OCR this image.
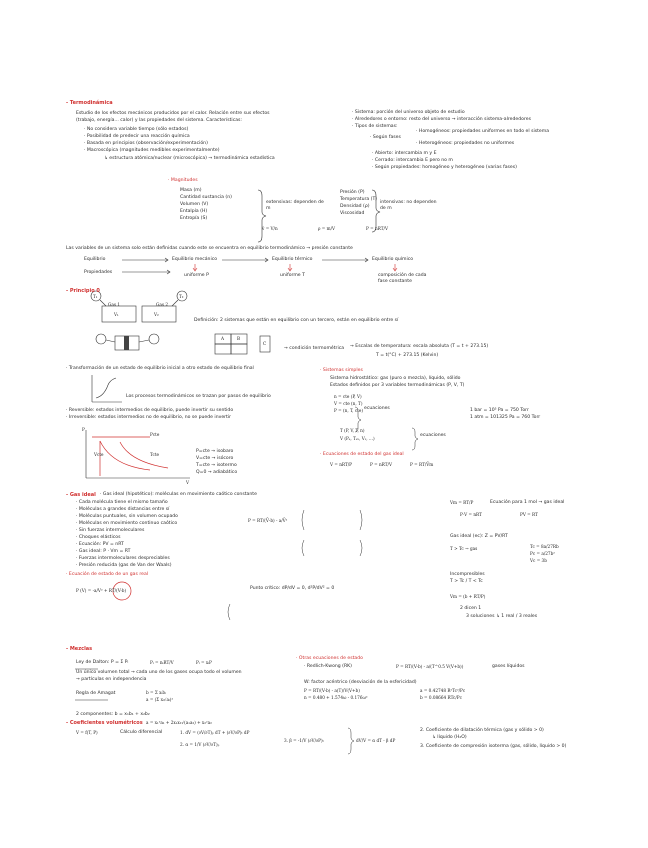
- Termodinámica
Estudio de los efectos mecánicos producidos por el calor. Relación entre sus efectos
(trabajo, energía... calor) y las propiedades del sistema. Características:
· No considera variable tiempo (sólo estados)
· Posibilidad de predecir una reacción química
· Basada en principios (observación/experimentación)
· Macroscópica (magnitudes medibles experimentalmente)
↳ estructura atómica/nuclear (microscópica) → termodinámica estadística
· Magnitudes
Masa (m)
Cantidad sustancia (n)
Volumen (V)
Entalpía (H)
Entropía (S)
extensivas: dependen de m
Presión (P)
Temperatura (T)
Densidad (ρ)
Viscosidad
intensivas: no dependen de m
ṽ = V/n	ρ = m/V	P = nRT/V
· Sistema: porción del universo objeto de estudio
· Alrededores o entorno: resto del universo → interacción sistema-alrededores
· Tipos de sistemas:
· Homogéneos: propiedades uniformes en todo el sistema
· Según fases
· Heterogéneos: propiedades no uniformes
· Abierto: intercambia m y E
· Cerrado: intercambia E pero no m
· Según propiedades: homogéneo y heterogéneo (varias fases)
Las variables de un sistema solo están definidas cuando este se encuentra en equilibrio termodinámico → presión constante
Equilibrio	Equilibrio mecánico	Equilibrio térmico	Equilibrio químico
Propiedades
uniforme P	uniforme T	composición de cada fase constante
- Principio 0
Gas 1	Gas 2
V₁	V₂
T₁	T₂
Definición: 2 sistemas que están en equilibrio con un tercero, están en equilibrio entre sí
A	B
C
→ condición termométrica → Escalas de temperatura: escala absoluta (T = t + 273.15)
T = t(°C) + 273.15 (Kelvin)
· Transformación de un estado de equilibrio inicial a otro estado de equilibrio final
Los procesos termodinámicos se trazan por pasos de equilibrio
· Reversible: estados intermedios de equilibrio, puede invertir su sentido
· Irreversible: estados intermedios no de equilibrio, no se puede invertir
P
V
Pcte
Tcte
Vcte
P=cte → isobaro
V=cte → isócoro
T=cte → isotermo
Q=0 → adiabático
· Sistemas simples
Sistema hidrostático: gas (puro o mezcla), líquido, sólido
Estados definidos por 3 variables termodinámicas (P, V, T)
n = cte (P, V)
V = cte (n, T)
P = (n, T, cte) ecuaciones	1 bar = 10⁵ Pa = 750 Torr
1 atm = 101325 Pa = 760 Torr
T (P, V, T, n)
V (Pₑ, Tₑᵥ, Vᵥ, ...)
ecuaciones
· Ecuaciones de estado del gas ideal
V = nRT/P	P = nRT/V	P = RT/V̄m
- Gas ideal · Gas ideal (hipotético): moléculas en movimiento caótico constante
· Cada molécula tiene el mismo tamaño
· Moléculas a grandes distancias entre sí
· Moléculas puntuales, sin volumen ocupado
· Moléculas en movimiento continuo caótico
· Sin fuerzas intermoleculares
· Choques elásticos
· Ecuación: PV = nRT
· Gas ideal: P · Vm = RT
· Fuerzas intermoleculares despreciables
· Presión reducida (gas de Van der Waals)
P = RT/(V̄-b) - a/V̄²
· Ecuación de estado de un gas real
P (V) = -a/V² + RT/(V-b)	Punto crítico: dP/dV = 0, d²P/dV² = 0
Vm = RT/P	Ecuación para 1 mol → gas ideal
P·V = nRT	PV = RT
Gas ideal (ec): Z = PV/RT
T > Tc → gas	Tc = 8a/27Rb
Pc = a/27b²
Vc = 3b
Incompresibles
T > Tc / T < Tc
Vm = (b + RT/P)
2 dicen 1
3 soluciones ↳ 1 real / 3 reales
- Mezclas
Ley de Dalton: P = Σ Pᵢ	Pᵢ = nᵢRT/V	Pᵢ = xᵢP
Un único volumen total → cada uno de los gases ocupa todo el volumen
→ partículas en independencia
Regla de Amagat	b = Σ xᵢbᵢ
a = (Σ xᵢ√aᵢ)²
2 componentes: b = x₁b₁ + x₂b₂
a = x₁²a₁ + 2x₁x₂√(a₁a₂) + x₂²a₂
· Otras ecuaciones de estado
· Redlich-Kwong (RK)	P = RT/(V-b) - a/(T^0.5 V(V+b))	gases líquidos
W: factor acéntrico (desviación de la esfericidad)
P = RT/(V-b) - a(T)/V(V+b)
n = 0.480 + 1.574ω - 0.176ω²
a = 0.42748 R²Tc²/Pc
b = 0.08664 RTc/Pc
- Coeficientes volumétricos
V = f(T, P)	Cálculo diferencial	1. dV = (∂V/∂T)ₚ dT + (∂V/∂P)ₜ dP
2. α = 1/V (∂V/∂T)ₚ
3. β = -1/V (∂V/∂P)ₜ	dV/V = α dT - β dP
2. Coeficiente de dilatación térmica (gas y sólido > 0)
↳ líquido (H₂O)
3. Coeficiente de compresión isoterma (gas, sólido, líquido > 0)
